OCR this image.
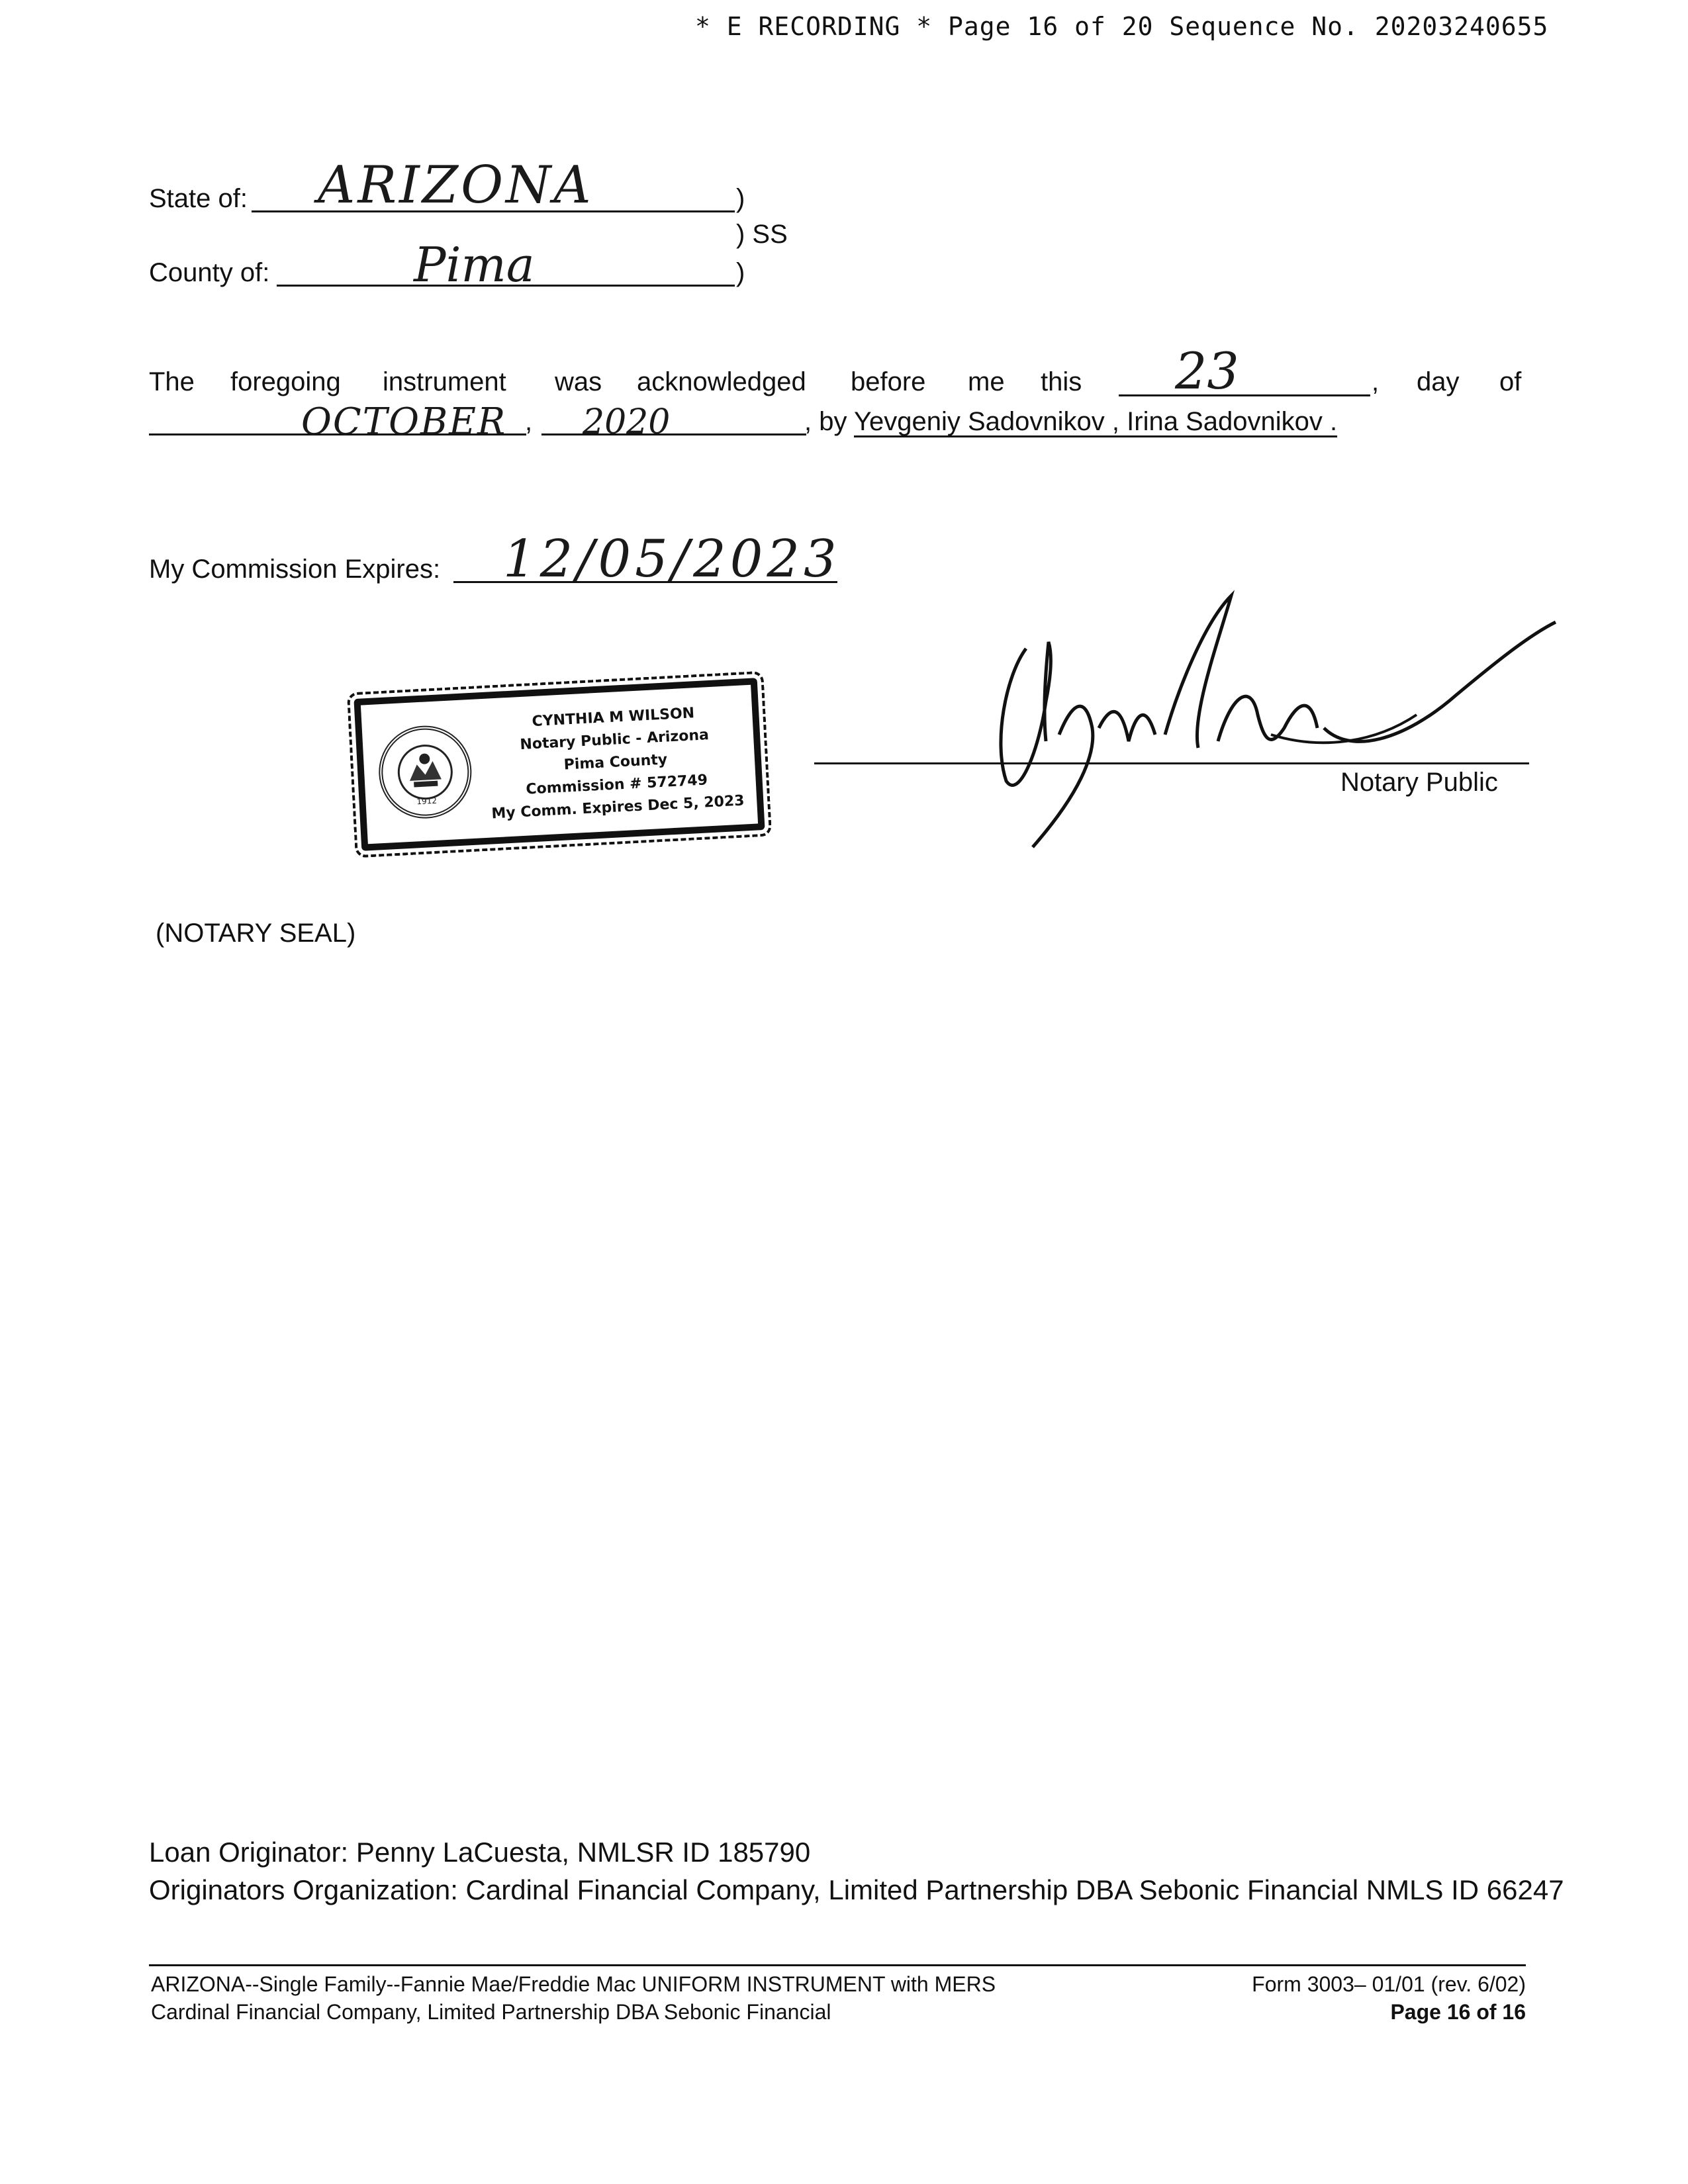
* E RECORDING * Page 16 of 20 Sequence No. 20203240655
State of: ARIZONA	)
) SS
County of:	Pima	)
The foregoing instrument was acknowledged before me this 23	, day of
OCTOBER , 2020	, by Yevgeniy Sadovnikov , Irina Sadovnikov .
My Commission Expires: 12/05/2023
1912
CYNTHIA M WILSON
Notary Public - Arizona
Pima County
Commission # 572749
My Comm. Expires Dec 5, 2023
Notary Public
(NOTARY SEAL)
Loan Originator: Penny LaCuesta, NMLSR ID 185790
Originators Organization: Cardinal Financial Company, Limited Partnership DBA Sebonic Financial NMLS ID 66247
ARIZONA--Single Family--Fannie Mae/Freddie Mac UNIFORM INSTRUMENT with MERS
Cardinal Financial Company, Limited Partnership DBA Sebonic Financial
Form 3003– 01/01 (rev. 6/02)
Page 16 of 16
